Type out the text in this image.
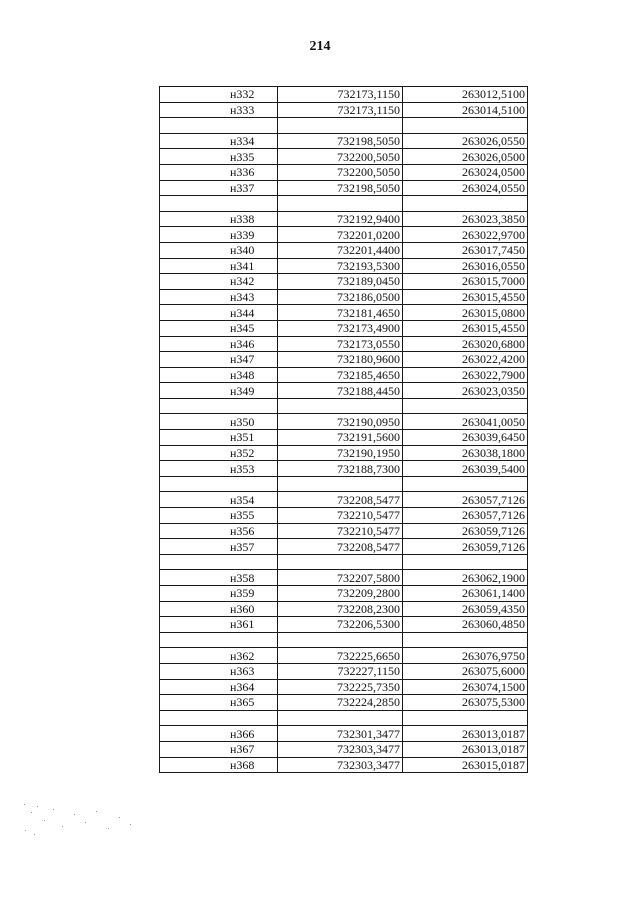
214
н332	732173,1150	263012,5100
н333	732173,1150	263014,5100

н334	732198,5050	263026,0550
н335	732200,5050	263026,0500
н336	732200,5050	263024,0500
н337	732198,5050	263024,0550

н338	732192,9400	263023,3850
н339	732201,0200	263022,9700
н340	732201,4400	263017,7450
н341	732193,5300	263016,0550
н342	732189,0450	263015,7000
н343	732186,0500	263015,4550
н344	732181,4650	263015,0800
н345	732173,4900	263015,4550
н346	732173,0550	263020,6800
н347	732180,9600	263022,4200
н348	732185,4650	263022,7900
н349	732188,4450	263023,0350

н350	732190,0950	263041,0050
н351	732191,5600	263039,6450
н352	732190,1950	263038,1800
н353	732188,7300	263039,5400

н354	732208,5477	263057,7126
н355	732210,5477	263057,7126
н356	732210,5477	263059,7126
н357	732208,5477	263059,7126

н358	732207,5800	263062,1900
н359	732209,2800	263061,1400
н360	732208,2300	263059,4350
н361	732206,5300	263060,4850

н362	732225,6650	263076,9750
н363	732227,1150	263075,6000
н364	732225,7350	263074,1500
н365	732224,2850	263075,5300

н366	732301,3477	263013,0187
н367	732303,3477	263013,0187
н368	732303,3477	263015,0187
